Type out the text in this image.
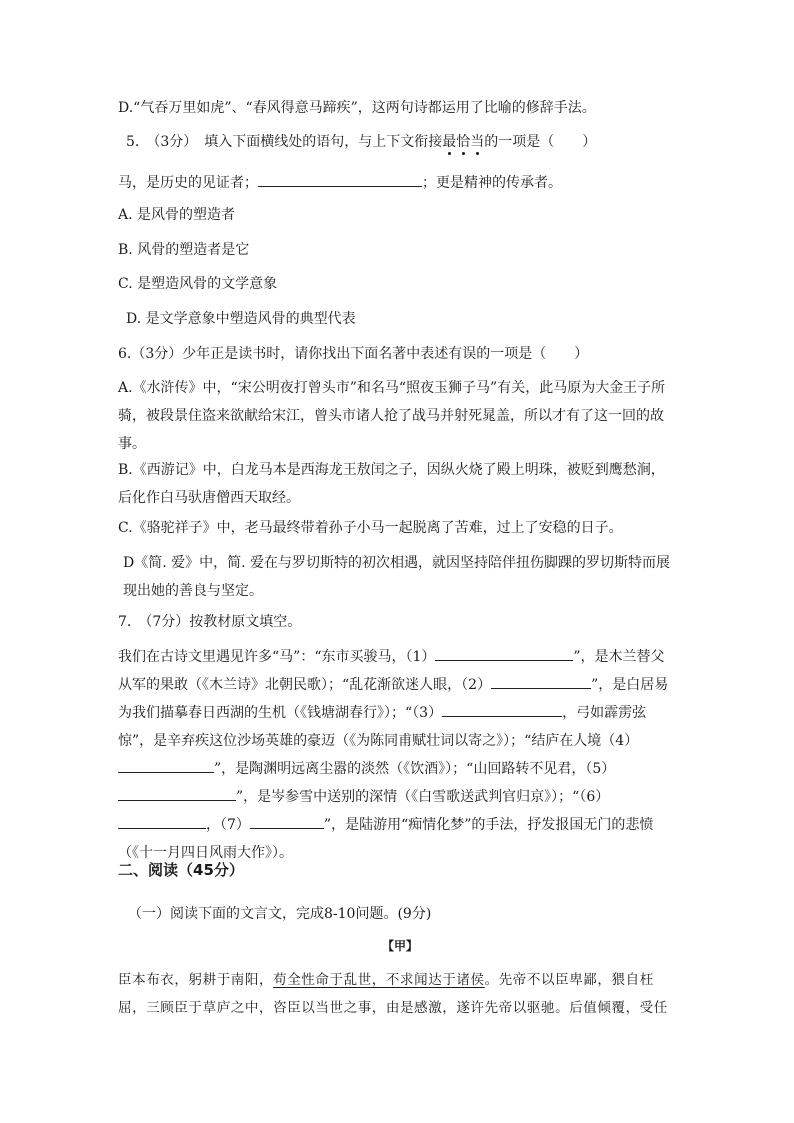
D.“气吞万里如虎”、“春风得意马蹄疾”，这两句诗都运用了比喻的修辞手法。
5.　（3分）　填入下面横线处的语句，与上下文衔接最恰当的一项是（　　）
马，是历史的见证者；	；更是精神的传承者。
A. 是风骨的塑造者
B. 风骨的塑造者是它
C. 是塑造风骨的文学意象
D. 是文学意象中塑造风骨的典型代表
6.（3分）少年正是读书时，请你找出下面名著中表述有误的一项是（　　）
A.《水浒传》中，“宋公明夜打曾头市”和名马“照夜玉狮子马”有关，此马原为大金王子所骑，被段景住盗来欲献给宋江，曾头市诸人抢了战马并射死晁盖，所以才有了这一回的故事。
B.《西游记》中，白龙马本是西海龙王敖闰之子，因纵火烧了殿上明珠，被贬到鹰愁涧，后化作白马驮唐僧西天取经。
C.《骆驼祥子》中，老马最终带着孙子小马一起脱离了苦难，过上了安稳的日子。
D《简. 爱》中，简. 爱在与罗切斯特的初次相遇，就因坚持陪伴扭伤脚踝的罗切斯特而展现出她的善良与坚定。
7.　（7分）按教材原文填空。
我们在古诗文里遇见许多“马”：“东市买骏马，（1）	”，是木兰替父从军的果敢（《木兰诗》北朝民歌）；“乱花渐欲迷人眼，（2）	”，是白居易为我们描摹春日西湖的生机（《钱塘湖春行》）；“（3）	，弓如霹雳弦惊”，是辛弃疾这位沙场英雄的豪迈（《为陈同甫赋壮词以寄之》）；“结庐在人境（4）”，是陶渊明远离尘嚣的淡然（《饮酒》）；“山回路转不见君，（5）”，是岑参雪中送别的深情（《白雪歌送武判官归京》）；“（6），（7）	”，是陆游用“痴情化梦”的手法，抒发报国无门的悲愤（《十一月四日风雨大作》）。
二、阅读（45分）
（一）阅读下面的文言文，完成8-10问题。(9分)
【甲】
臣本布衣，躬耕于南阳，苟全性命于乱世，不求闻达于诸侯。先帝不以臣卑鄙，猥自枉屈，三顾臣于草庐之中，咨臣以当世之事，由是感激，遂许先帝以驱驰。后值倾覆，受任
